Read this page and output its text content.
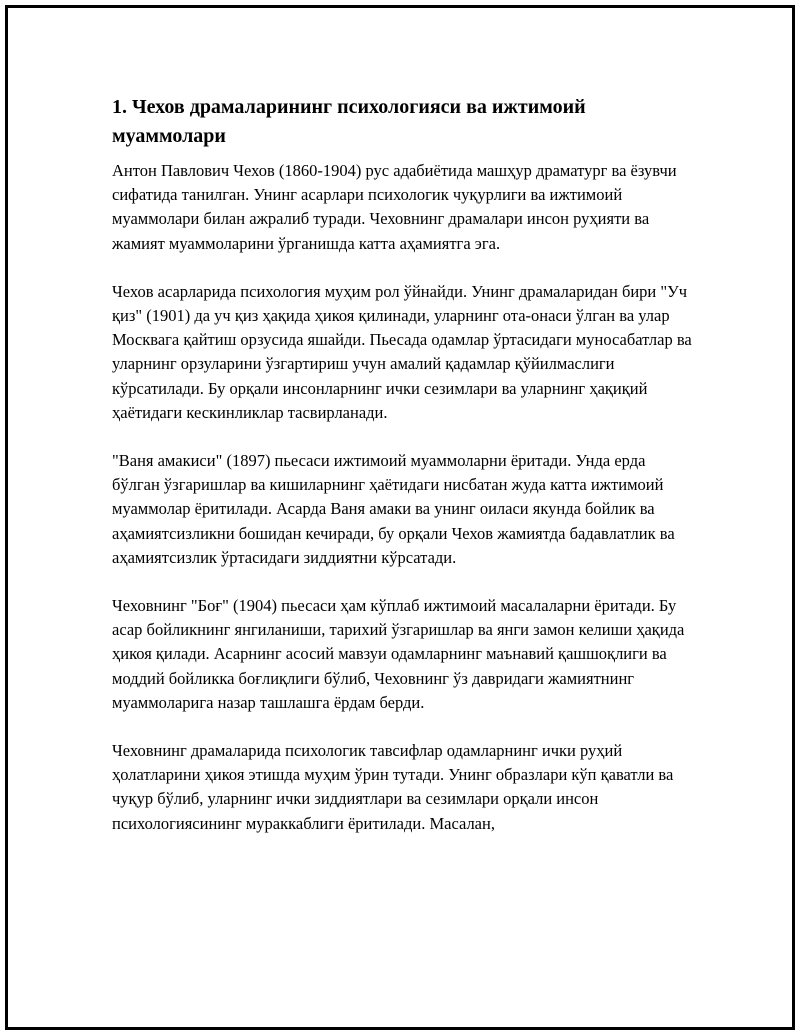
1. Чехов драмаларининг психологияси ва ижтимоий муаммолари

Антон Павлович Чехов (1860-1904) рус адабиётида машҳур драматург ва ёзувчи сифатида танилган. Унинг асарлари психологик чуқурлиги ва ижтимоий муаммолари билан ажралиб туради. Чеховнинг драмалари инсон руҳияти ва жамият муаммоларини ўрганишда катта аҳамиятга эга.

Чехов асарларида психология муҳим рол ўйнайди. Унинг драмаларидан бири "Уч қиз" (1901) да уч қиз ҳақида ҳикоя қилинади, уларнинг ота-онаси ўлган ва улар Москвага қайтиш орзусида яшайди. Пьесада одамлар ўртасидаги муносабатлар ва уларнинг орзуларини ўзгартириш учун амалий қадамлар қўйилмаслиги кўрсатилади. Бу орқали инсонларнинг ички сезимлари ва уларнинг ҳақиқий ҳаётидаги кескинликлар тасвирланади.

"Ваня амакиси" (1897) пьесаси ижтимоий муаммоларни ёритади. Унда ерда бўлган ўзгаришлар ва кишиларнинг ҳаётидаги нисбатан жуда катта ижтимоий муаммолар ёритилади. Асарда Ваня амаки ва унинг оиласи якунда бойлик ва аҳамиятсизликни бошидан кечиради, бу орқали Чехов жамиятда бадавлатлик ва аҳамиятсизлик ўртасидаги зиддиятни кўрсатади.

Чеховнинг "Боғ" (1904) пьесаси ҳам кўплаб ижтимоий масалаларни ёритади. Бу асар бойликнинг янгиланиши, тарихий ўзгаришлар ва янги замон келиши ҳақида ҳикоя қилади. Асарнинг асосий мавзуи одамларнинг маънавий қашшоқлиги ва моддий бойликка боғлиқлиги бўлиб, Чеховнинг ўз давридаги жамиятнинг муаммоларига назар ташлашга ёрдам берди.

Чеховнинг драмаларида психологик тавсифлар одамларнинг ички руҳий ҳолатларини ҳикоя этишда муҳим ўрин тутади. Унинг образлари кўп қаватли ва чуқур бўлиб, уларнинг ички зиддиятлари ва сезимлари орқали инсон психологиясининг мураккаблиги ёритилади. Масалан,
